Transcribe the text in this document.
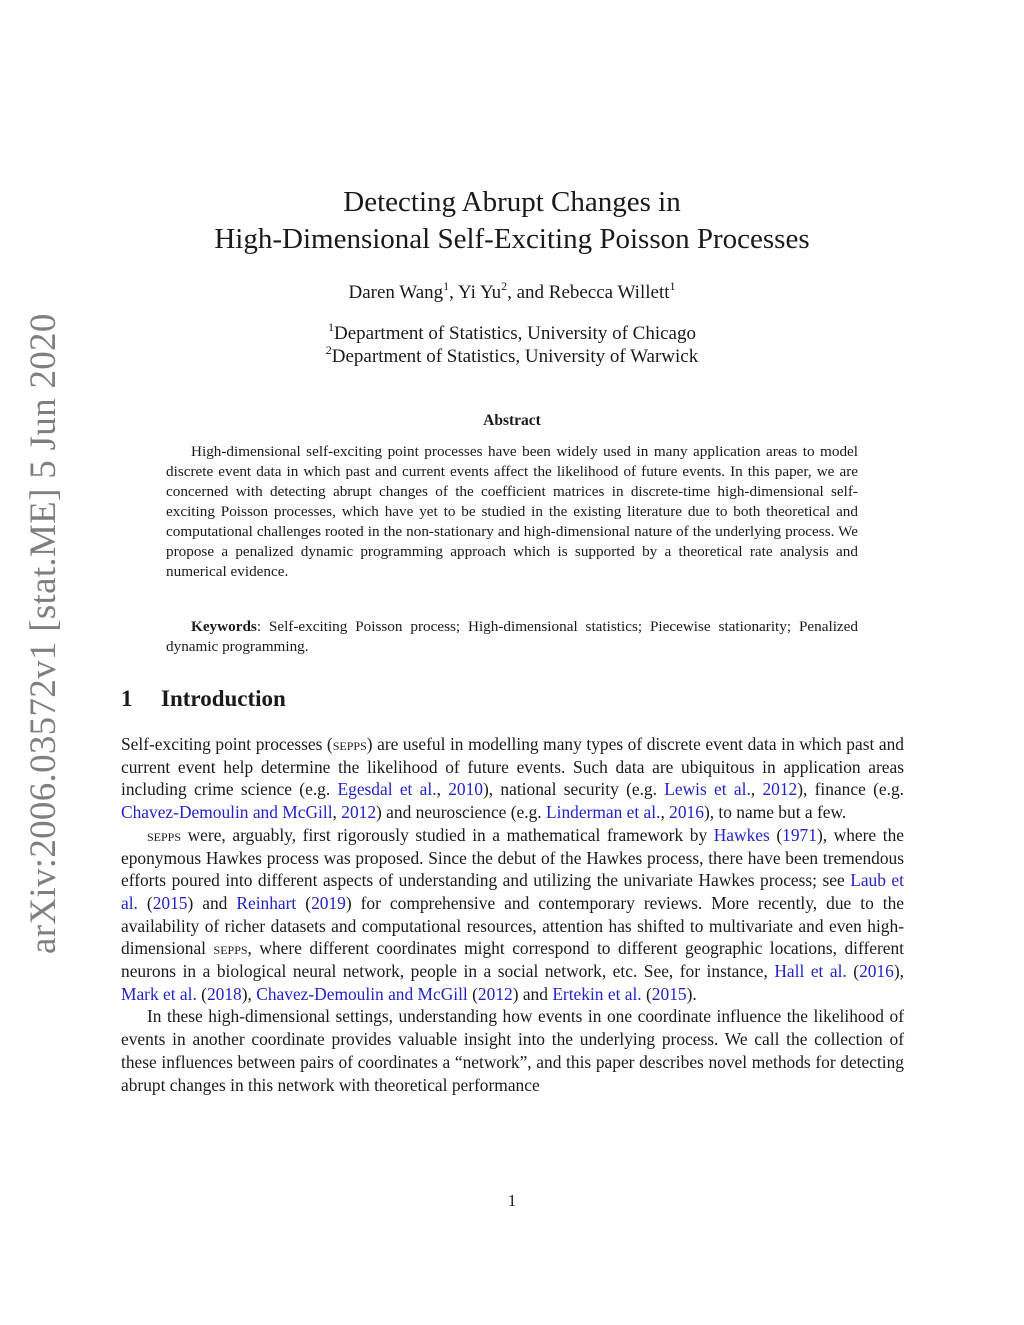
arXiv:2006.03572v1 [stat.ME] 5 Jun 2020
Detecting Abrupt Changes in
High-Dimensional Self-Exciting Poisson Processes
Daren Wang$^1$, Yi Yu$^2$, and Rebecca Willett$^1$
$^1$Department of Statistics, University of Chicago
$^2$Department of Statistics, University of Warwick
Abstract

High-dimensional self-exciting point processes have been widely used in many application areas to model discrete event data in which past and current events affect the likelihood of future events. In this paper, we are concerned with detecting abrupt changes of the coefficient matrices in discrete-time high-dimensional self-exciting Poisson processes, which have yet to be studied in the existing literature due to both theoretical and computational challenges rooted in the non-stationary and high-dimensional nature of the underlying process. We propose a penalized dynamic programming approach which is supported by a theoretical rate analysis and numerical evidence.

Keywords: Self-exciting Poisson process; High-dimensional statistics; Piecewise stationarity; Penalized dynamic programming.

1 Introduction

Self-exciting point processes (sepps) are useful in modelling many types of discrete event data in which past and current event help determine the likelihood of future events. Such data are ubiquitous in application areas including crime science (e.g. Egesdal et al., 2010), national security (e.g. Lewis et al., 2012), finance (e.g. Chavez-Demoulin and McGill, 2012) and neuroscience (e.g. Linderman et al., 2016), to name but a few.

sepps were, arguably, first rigorously studied in a mathematical framework by Hawkes (1971), where the eponymous Hawkes process was proposed. Since the debut of the Hawkes process, there have been tremendous efforts poured into different aspects of understanding and utilizing the univariate Hawkes process; see Laub et al. (2015) and Reinhart (2019) for comprehensive and contemporary reviews. More recently, due to the availability of richer datasets and computational resources, attention has shifted to multivariate and even high-dimensional sepps, where different coordinates might correspond to different geographic locations, different neurons in a biological neural network, people in a social network, etc. See, for instance, Hall et al. (2016), Mark et al. (2018), Chavez-Demoulin and McGill (2012) and Ertekin et al. (2015).

In these high-dimensional settings, understanding how events in one coordinate influence the likelihood of events in another coordinate provides valuable insight into the underlying process. We call the collection of these influences between pairs of coordinates a “network”, and this paper describes novel methods for detecting abrupt changes in this network with theoretical performance

1
